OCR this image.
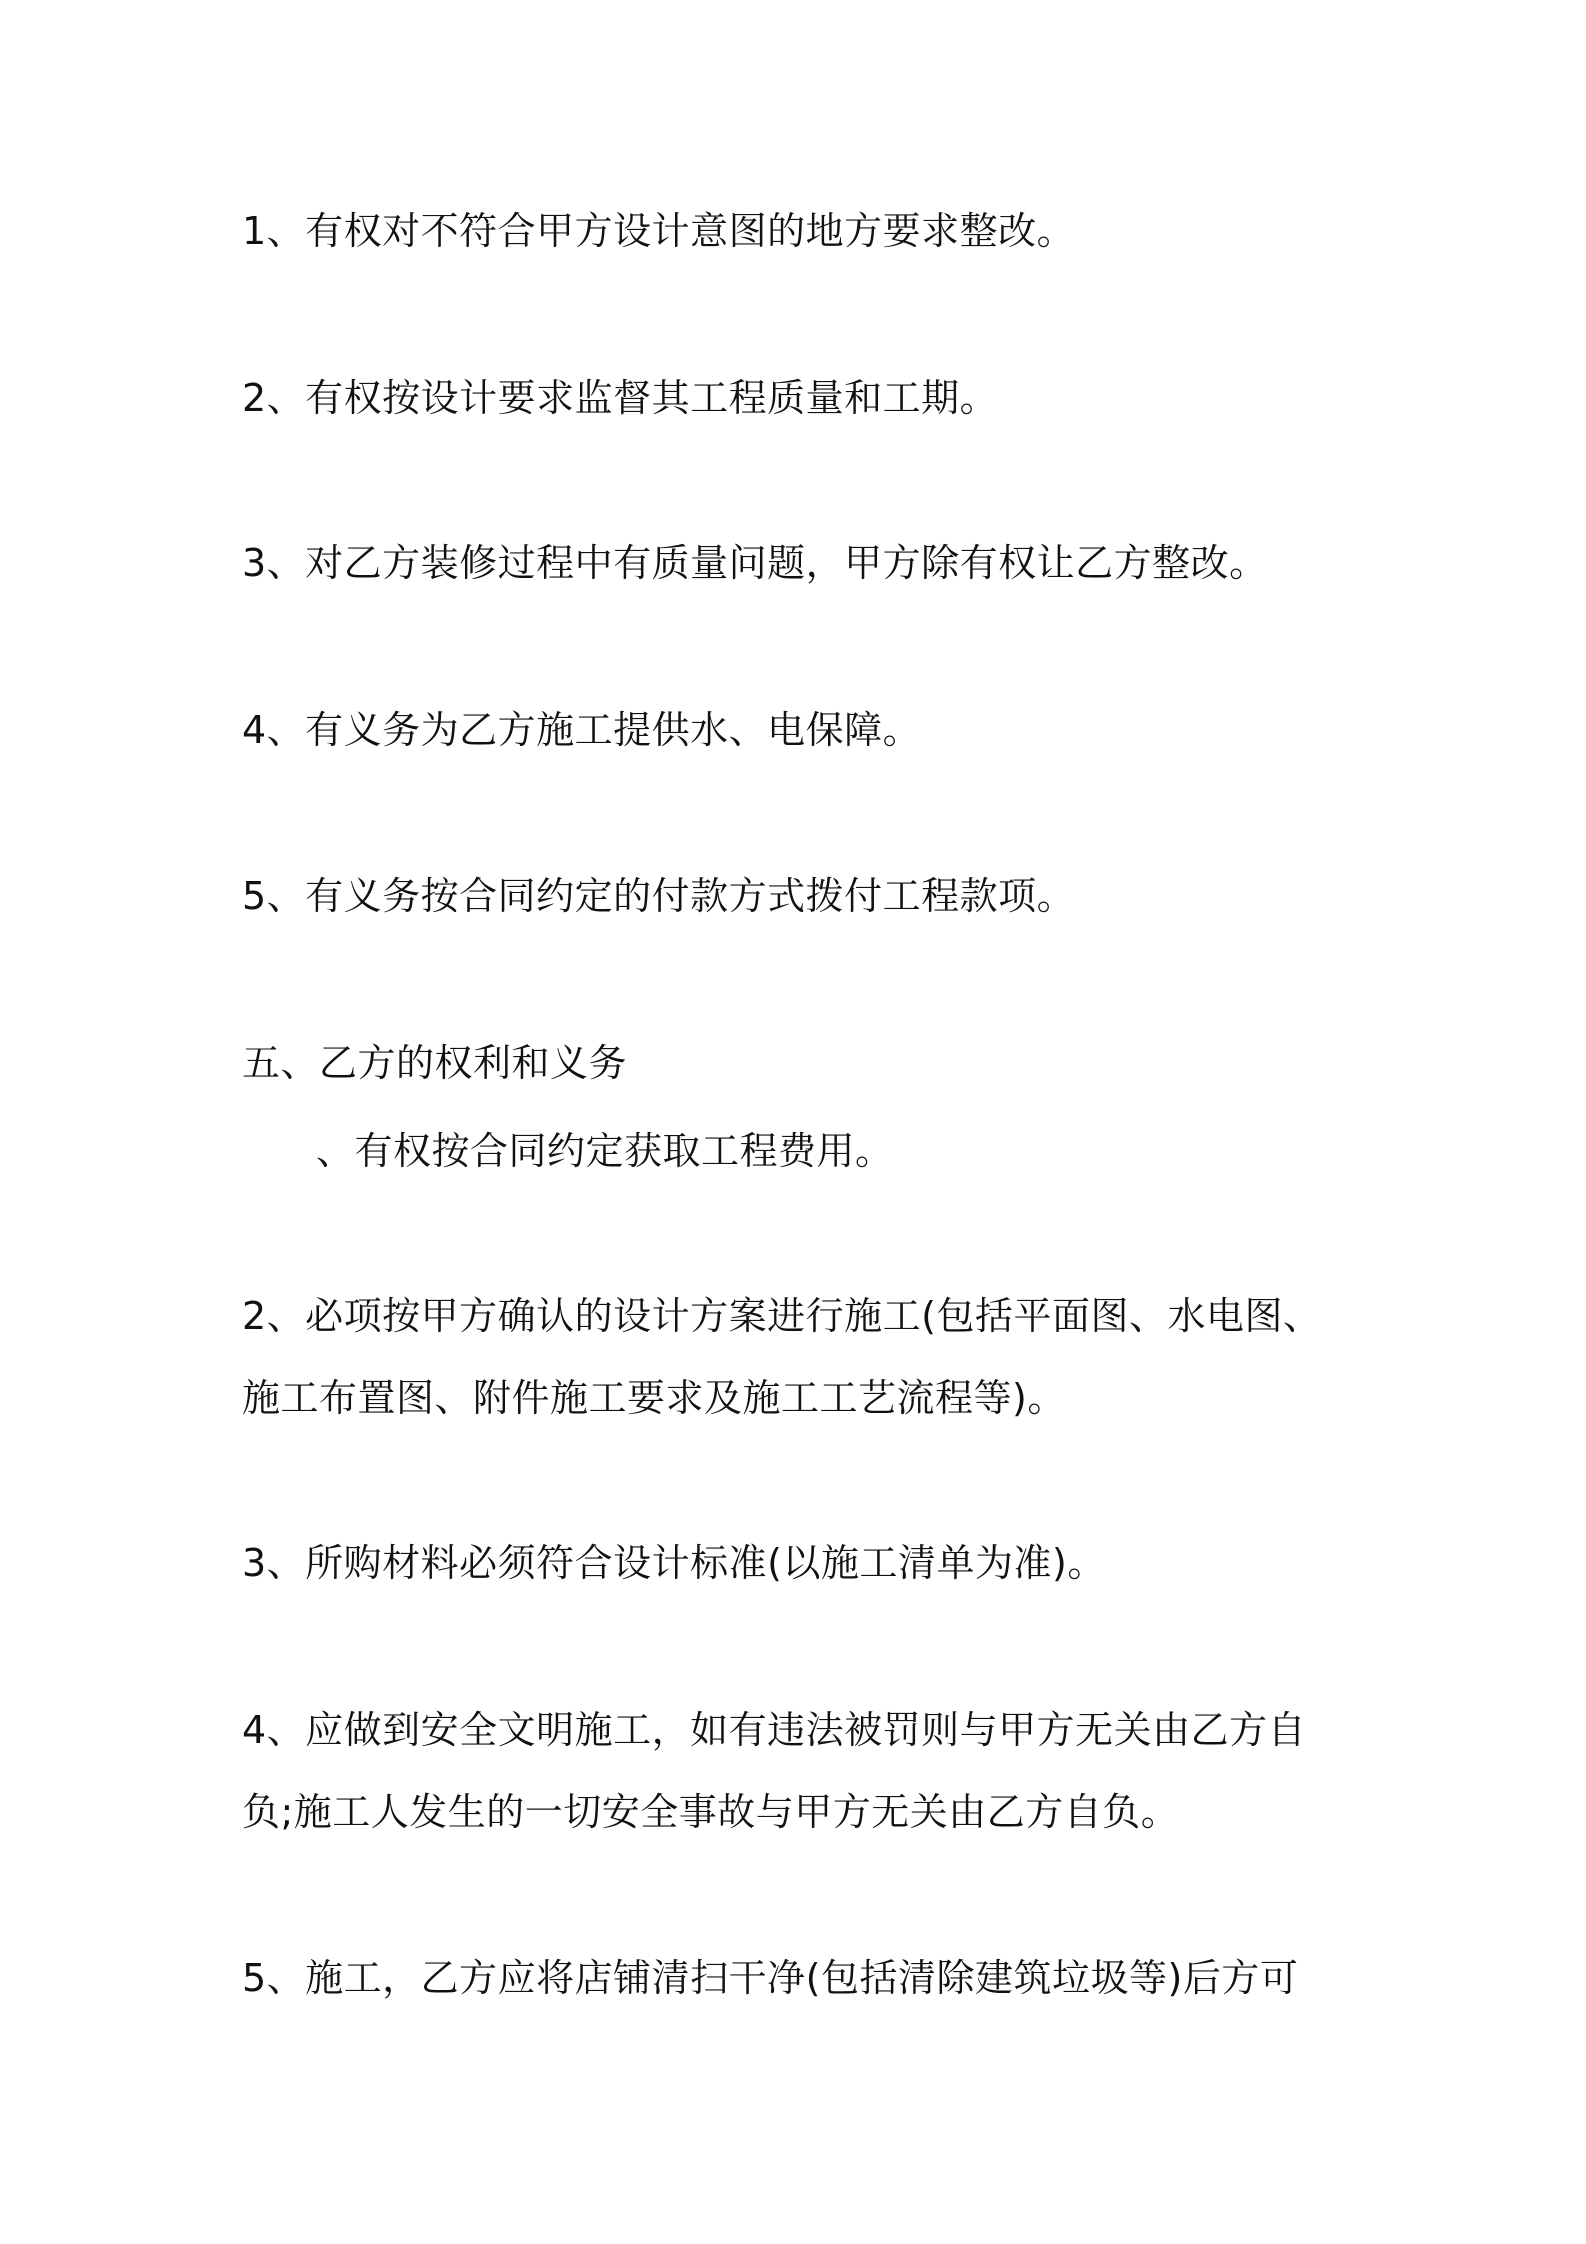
1、有权对不符合甲方设计意图的地方要求整改。
2、有权按设计要求监督其工程质量和工期。
3、对乙方装修过程中有质量问题，甲方除有权让乙方整改。
4、有义务为乙方施工提供水、电保障。
5、有义务按合同约定的付款方式拨付工程款项。
五、乙方的权利和义务
、有权按合同约定获取工程费用。
2、必项按甲方确认的设计方案进行施工(包括平面图、水电图、
施工布置图、附件施工要求及施工工艺流程等)。
3、所购材料必须符合设计标准(以施工清单为准)。
4、应做到安全文明施工，如有违法被罚则与甲方无关由乙方自
负;施工人发生的一切安全事故与甲方无关由乙方自负。
5、施工，乙方应将店铺清扫干净(包括清除建筑垃圾等)后方可
